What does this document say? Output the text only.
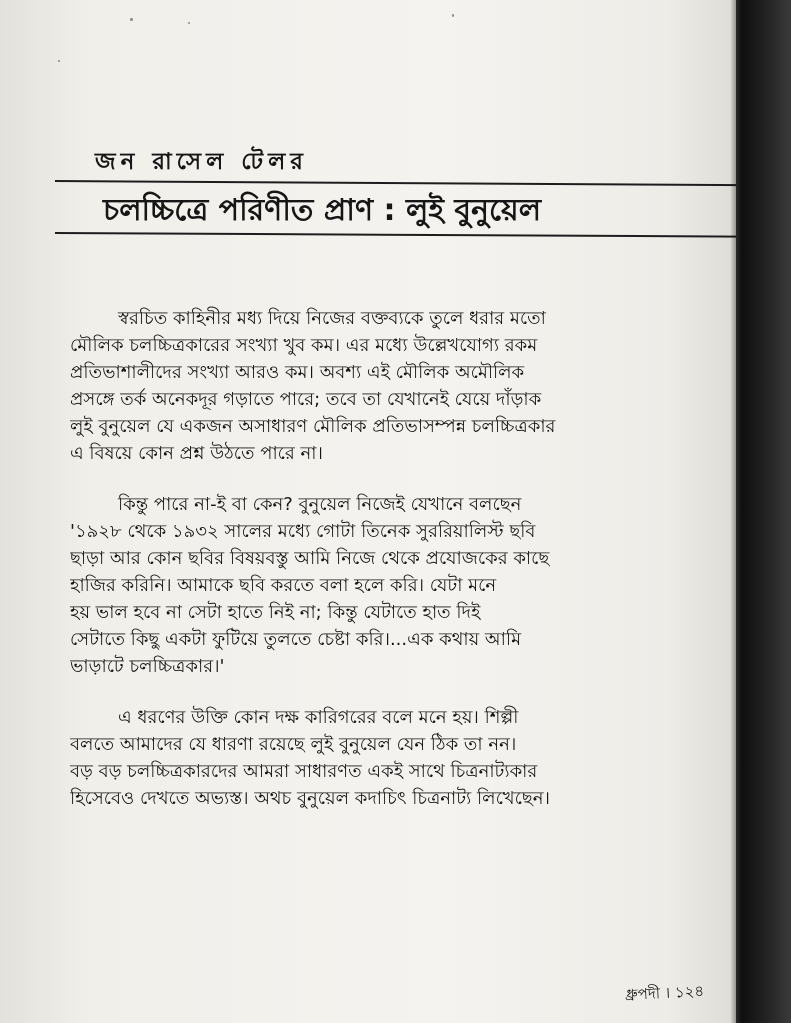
জন রাসেল টেলর
চলচ্চিত্রে পরিণীত প্রাণ : লুই বুনুয়েল
স্বরচিত কাহিনীর মধ্য দিয়ে নিজের বক্তব্যকে তুলে ধরার মতো
মৌলিক চলচ্চিত্রকারের সংখ্যা খুব কম। এর মধ্যে উল্লেখযোগ্য রকম
প্রতিভাশালীদের সংখ্যা আরও কম। অবশ্য এই মৌলিক অমৌলিক
প্রসঙ্গে তর্ক অনেকদূর গড়াতে পারে; তবে তা যেখানেই যেয়ে দাঁড়াক
লুই বুনুয়েল যে একজন অসাধারণ মৌলিক প্রতিভাসম্পন্ন চলচ্চিত্রকার
এ বিষয়ে কোন প্রশ্ন উঠতে পারে না।
কিন্তু পারে না-ই বা কেন? বুনুয়েল নিজেই যেখানে বলছেন
'১৯২৮ থেকে ১৯৩২ সালের মধ্যে গোটা তিনেক সুররিয়ালিস্ট ছবি
ছাড়া আর কোন ছবির বিষয়বস্তু আমি নিজে থেকে প্রযোজকের কাছে
হাজির করিনি। আমাকে ছবি করতে বলা হলে করি। যেটা মনে
হয় ভাল হবে না সেটা হাতে নিই না; কিন্তু যেটাতে হাত দিই
সেটাতে কিছু একটা ফুটিয়ে তুলতে চেষ্টা করি।...এক কথায় আমি
ভাড়াটে চলচ্চিত্রকার।'
এ ধরণের উক্তি কোন দক্ষ কারিগরের বলে মনে হয়। শিল্পী
বলতে আমাদের যে ধারণা রয়েছে লুই বুনুয়েল যেন ঠিক তা নন।
বড় বড় চলচ্চিত্রকারদের আমরা সাধারণত একই সাথে চিত্রনাট্যকার
হিসেবেও দেখতে অভ্যস্ত। অথচ বুনুয়েল কদাচিৎ চিত্রনাট্য লিখেছেন।
ধ্রুপদী । ১২৪
